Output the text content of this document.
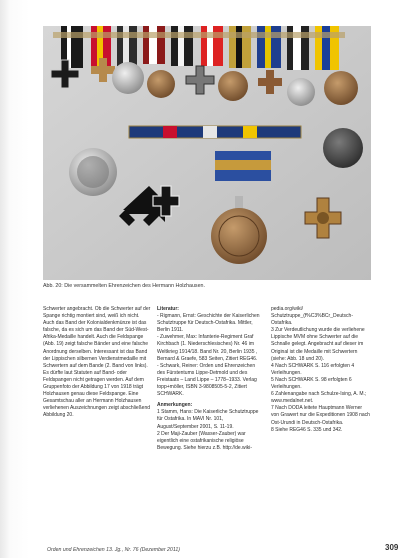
Abb. 20: Die versammelten Ehrenzeichen des Hermann Holzhausen.

Schwerter angebracht. Ob die Schwerter auf der Spange richtig montiert sind, weiß ich nicht. Auch das Band der Kolonialdenkmünze ist das falsche, da es sich um das Band der Süd-West-Afrika-Medaille handelt. Auch die Feldspange (Abb. 19) zeigt falsche Bänder und eine falsche Anordnung derselben. Interessant ist das Band der Lippischen silbernen Verdienstmedaille mit Schwertern auf dem Bande (2. Band von links). Es dürfte laut Statuten auf Band- oder Feldspangen nicht getragen werden. Auf dem Gruppenfoto der Abbildung 17 von 1918 trägt Holzhausen genau diese Feldspange. Eine Gesamtschau aller an Hermann Holzhausen verliehenen Auszeichnungen zeigt abschließend Abbildung 20.

Literatur:
- Rigmann, Ernst: Geschichte der Kaiserlichen Schutztruppe für Deutsch-Ostafrika. Mittler, Berlin 1911.
- Zuwehmer, Max: Infanterie-Regiment Graf Kirchbach (1. Niederschlesisches) Nr. 46 im Weltkrieg 1914/18. Band Nr. 20, Berlin 1935 , Bernard & Graefe, 583 Seiten, Zitiert REG46.
- Schwark, Reiner: Orden und Ehrenzeichen des Fürstentums Lippe-Detmold und des Freistaats – Land Lippe – 1778–1933. Verlag topp+möller, ISBN 3-9808505-5-2, Zitiert SCHWARK.
Anmerkungen:
1 Stamm, Hans: Die Kaiserliche Schutztruppe für Ostafrika. In MAVI Nr. 101, August/September 2001, S. 11-19.
2 Der Maji-Zauber (Wasser-Zauber) war eigentlich eine ostafrikanische religiöse Bewegung. Siehe hierzu z.B. http://de.wiki-
pedia.org/wiki/ Schutztruppe_(f%C3%BCr_Deutsch-Ostafrika.
3 Zur Verdeutlichung wurde die verliehene Lippische MVM ohne Schwerter auf die Schnalle gelegt. Angebracht auf dieser im Original ist die Medaille mit Schwertern (siehe: Abb. 18 und 20).
4 Nach SCHWARK S. 116 erfolgten 4 Verleihungen.
5 Nach SCHWARK S. 98 erfolgten 6 Verleihungen.
6 Zahlenangabe nach Schulze-Ising, A. M.; www.medalnet.net.
7 Nach DODA leitete Hauptmann Werner von Grawert nur die Expeditionen 1908 nach Ost-Urundi in Deutsch-Ostafrika.
8 Siehe REG46 S. 335 und 342.
Orden und Ehrenzeichen 13. Jg., Nr. 76 (Dezember 2011)	309
